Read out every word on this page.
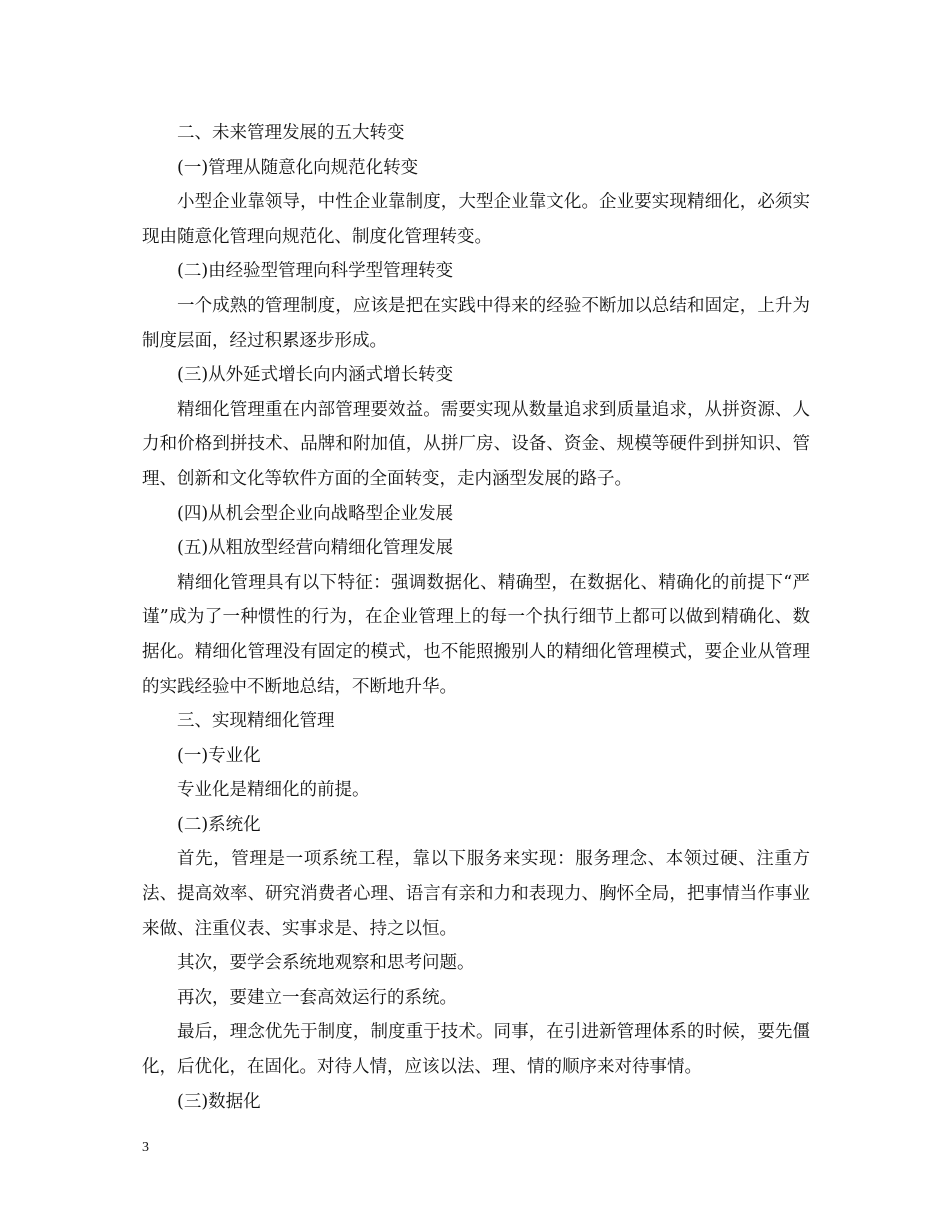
二、未来管理发展的五大转变

(一)管理从随意化向规范化转变

小型企业靠领导，中性企业靠制度，大型企业靠文化。企业要实现精细化，必须实现由随意化管理向规范化、制度化管理转变。

(二)由经验型管理向科学型管理转变

一个成熟的管理制度，应该是把在实践中得来的经验不断加以总结和固定，上升为制度层面，经过积累逐步形成。

(三)从外延式增长向内涵式增长转变

精细化管理重在内部管理要效益。需要实现从数量追求到质量追求，从拼资源、人力和价格到拼技术、品牌和附加值，从拼厂房、设备、资金、规模等硬件到拼知识、管理、创新和文化等软件方面的全面转变，走内涵型发展的路子。

(四)从机会型企业向战略型企业发展

(五)从粗放型经营向精细化管理发展

精细化管理具有以下特征：强调数据化、精确型，在数据化、精确化的前提下“严谨”成为了一种惯性的行为，在企业管理上的每一个执行细节上都可以做到精确化、数据化。精细化管理没有固定的模式，也不能照搬别人的精细化管理模式，要企业从管理的实践经验中不断地总结，不断地升华。

三、实现精细化管理

(一)专业化

专业化是精细化的前提。

(二)系统化

首先，管理是一项系统工程，靠以下服务来实现：服务理念、本领过硬、注重方法、提高效率、研究消费者心理、语言有亲和力和表现力、胸怀全局，把事情当作事业来做、注重仪表、实事求是、持之以恒。

其次，要学会系统地观察和思考问题。

再次，要建立一套高效运行的系统。

最后，理念优先于制度，制度重于技术。同事，在引进新管理体系的时候，要先僵化，后优化，在固化。对待人情，应该以法、理、情的顺序来对待事情。

(三)数据化

3
